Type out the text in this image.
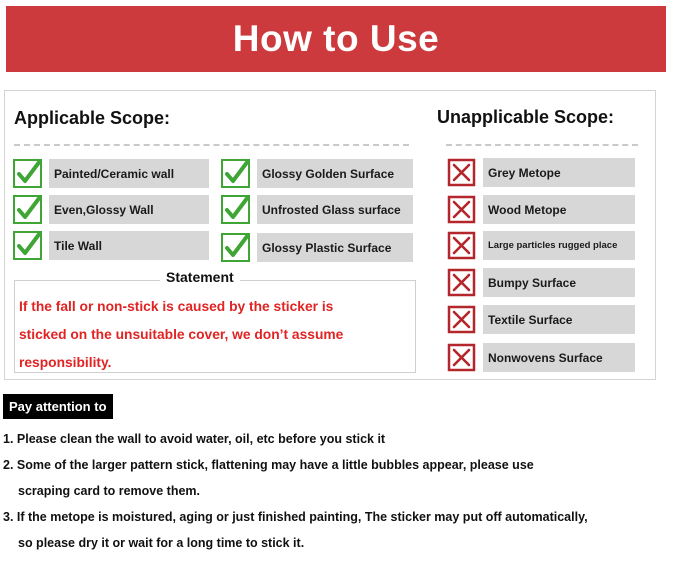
How to Use
Applicable Scope:	Unapplicable Scope:
Painted/Ceramic wall
Even,Glossy Wall
Tile Wall
Glossy Golden Surface
Unfrosted Glass surface
Glossy Plastic Surface
Grey Metope
Wood Metope
Large particles rugged place
Bumpy Surface
Textile Surface
Nonwovens Surface
Statement
If the fall or non-stick is caused by the sticker is
sticked on the unsuitable cover, we don’t assume
responsibility.
Pay attention to
1. Please clean the wall to avoid water, oil, etc before you stick it
2. Some of the larger pattern stick, flattening may have a little bubbles appear, please use
scraping card to remove them.
3. If the metope is moistured, aging or just finished painting, The sticker may put off automatically,
so please dry it or wait for a long time to stick it.
